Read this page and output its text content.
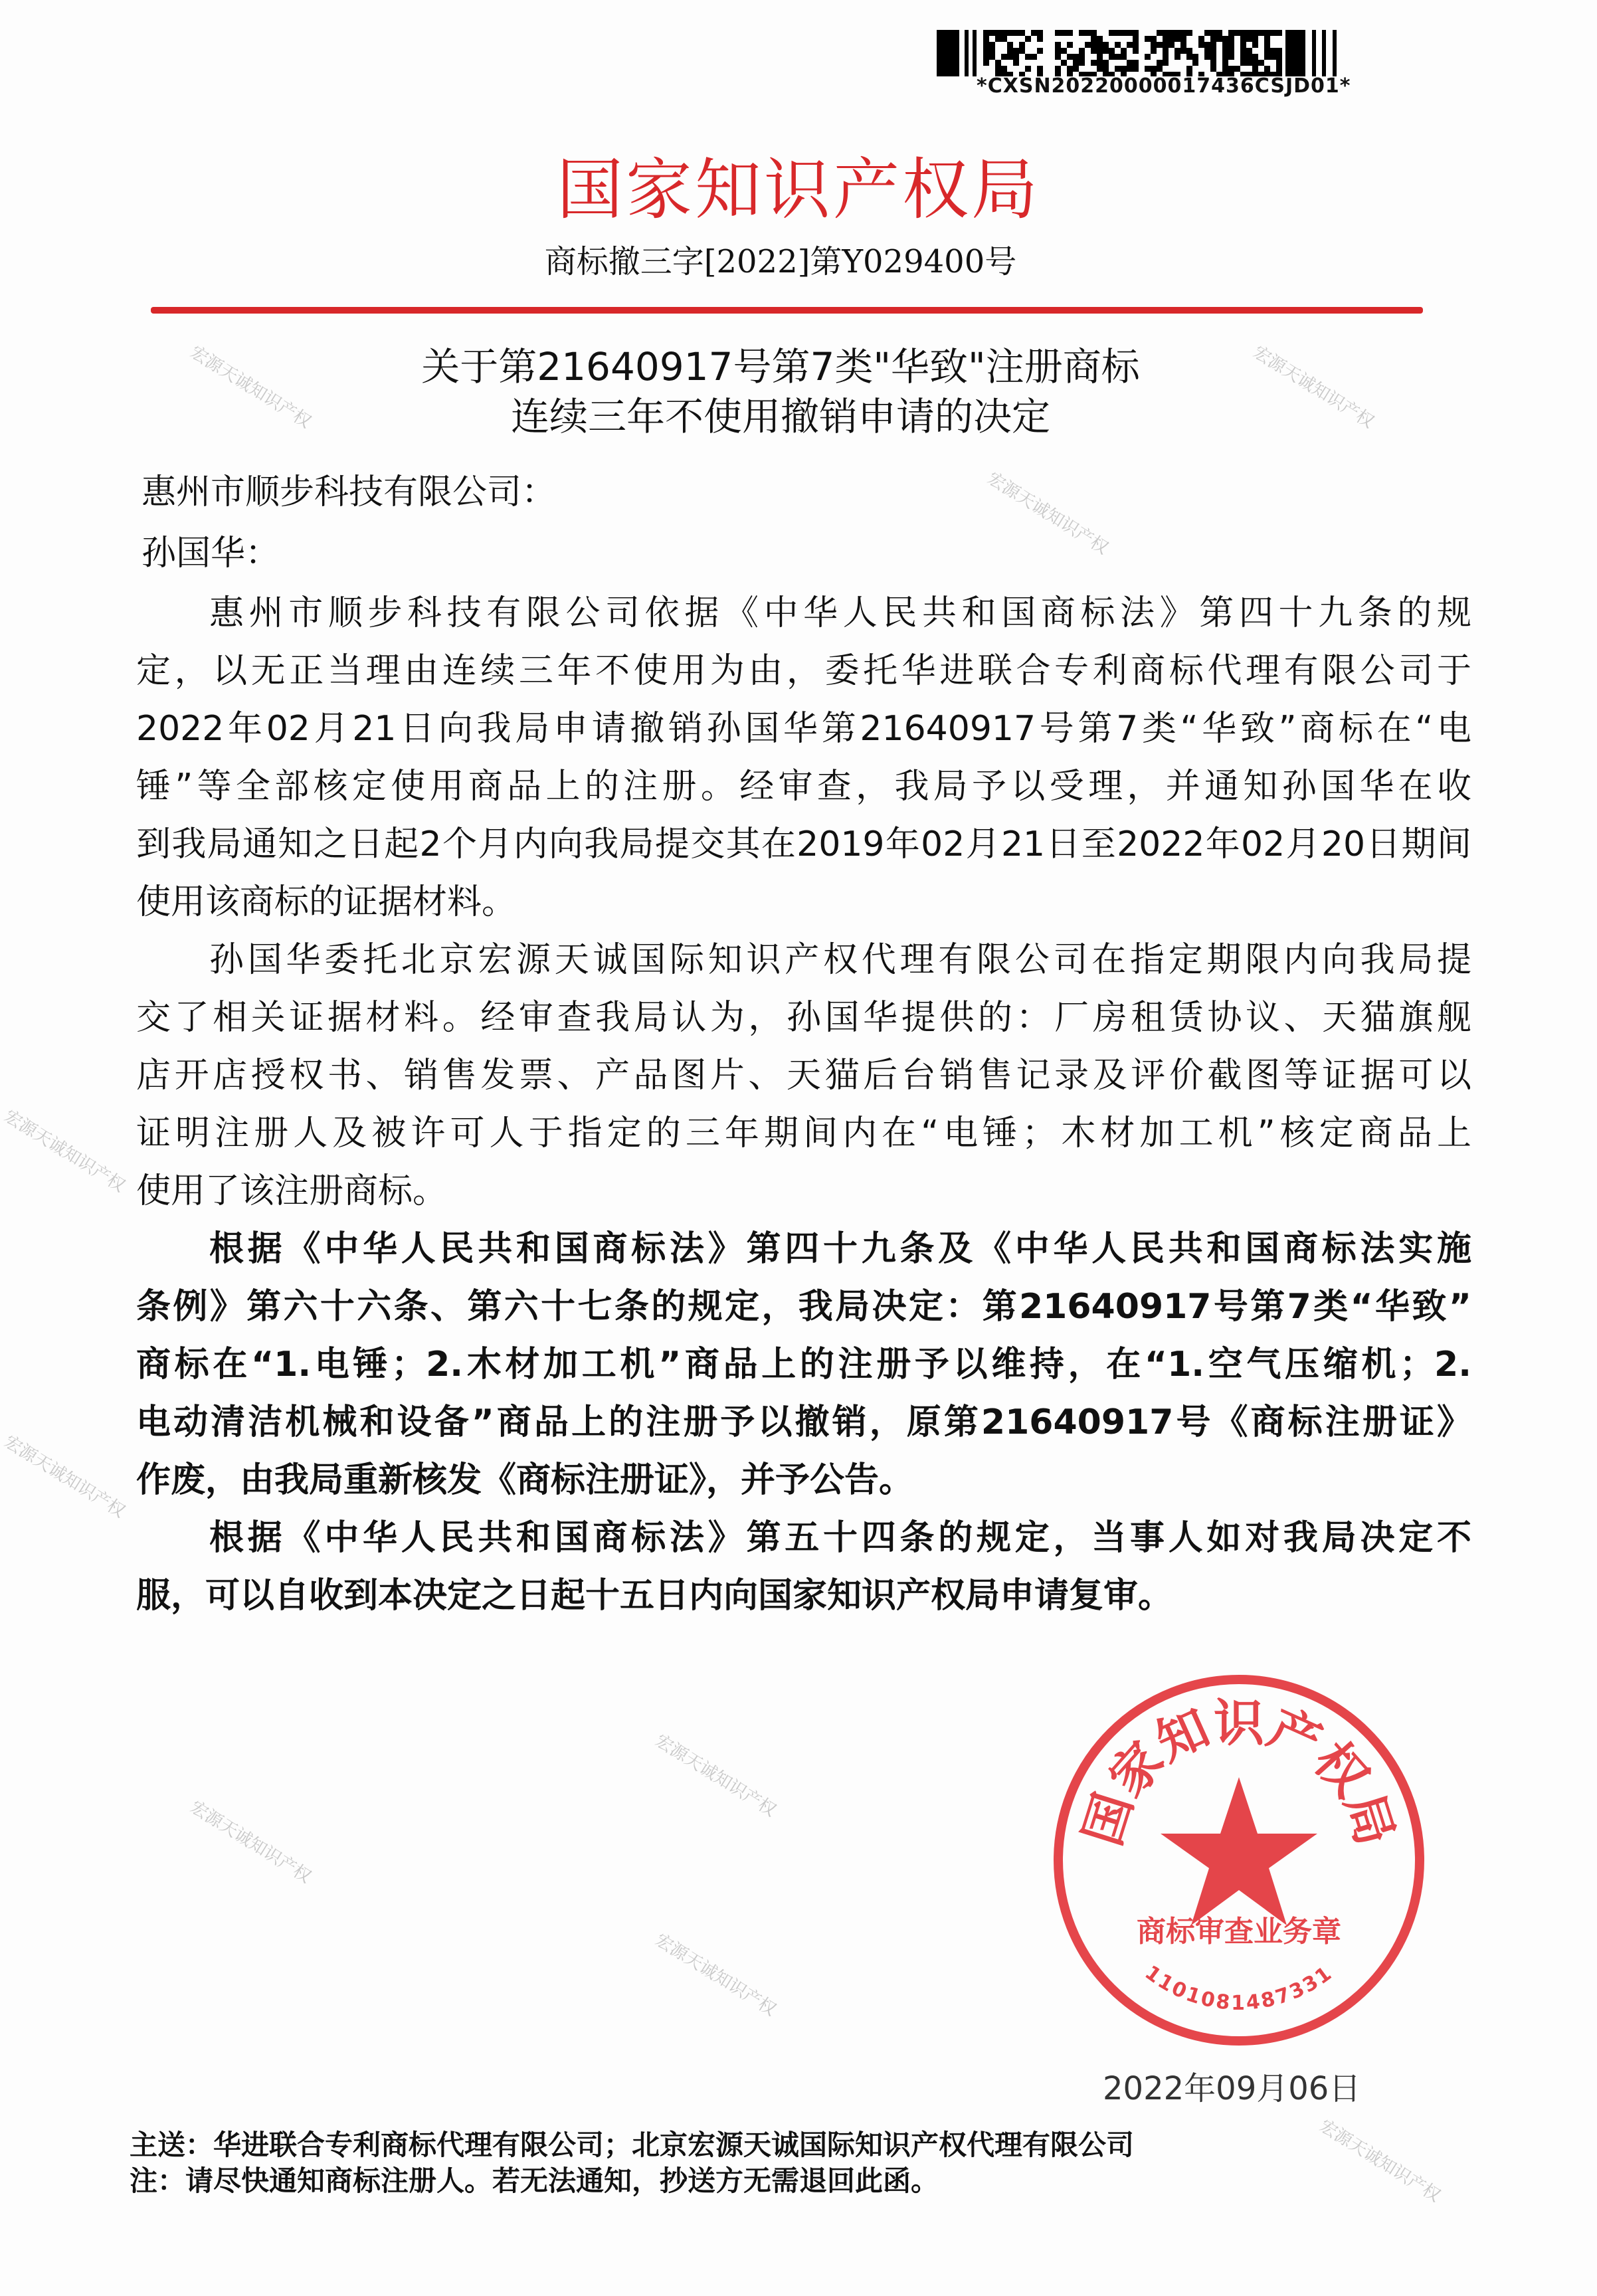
*CXSN20220000017436CSJD01*
国家知识产权局
商标撤三字[2022]第Y029400号
关于第21640917号第7类"华致"注册商标
连续三年不使用撤销申请的决定
惠州市顺步科技有限公司：
孙国华：
惠州市顺步科技有限公司依据《中华人民共和国商标法》第四十九条的规
定，以无正当理由连续三年不使用为由，委托华进联合专利商标代理有限公司于
2022年02月21日向我局申请撤销孙国华第21640917号第7类“华致”商标在“电
锤”等全部核定使用商品上的注册。经审查，我局予以受理，并通知孙国华在收
到我局通知之日起2个月内向我局提交其在2019年02月21日至2022年02月20日期间
使用该商标的证据材料。
孙国华委托北京宏源天诚国际知识产权代理有限公司在指定期限内向我局提
交了相关证据材料。经审查我局认为，孙国华提供的：厂房租赁协议、天猫旗舰
店开店授权书、销售发票、产品图片、天猫后台销售记录及评价截图等证据可以
证明注册人及被许可人于指定的三年期间内在“电锤；木材加工机”核定商品上
使用了该注册商标。
根据《中华人民共和国商标法》第四十九条及《中华人民共和国商标法实施
条例》第六十六条、第六十七条的规定，我局决定：第21640917号第7类“华致”
商标在“1.电锤；2.木材加工机”商品上的注册予以维持，在“1.空气压缩机；2.
电动清洁机械和设备”商品上的注册予以撤销，原第21640917号《商标注册证》
作废，由我局重新核发《商标注册证》，并予公告。
根据《中华人民共和国商标法》第五十四条的规定，当事人如对我局决定不
服，可以自收到本决定之日起十五日内向国家知识产权局申请复审。
宏源天诚知识产权	宏源天诚知识产权
宏源天诚知识产权
宏源天诚知识产权
宏源天诚知识产权
宏源天诚知识产权
宏源天诚知识产权
宏源天诚知识产权
宏源天诚知识产权
国家知识产权局
商标审查业务章
1101081487331
2022年09月06日
主送：华进联合专利商标代理有限公司；北京宏源天诚国际知识产权代理有限公司
注：请尽快通知商标注册人。若无法通知，抄送方无需退回此函。
